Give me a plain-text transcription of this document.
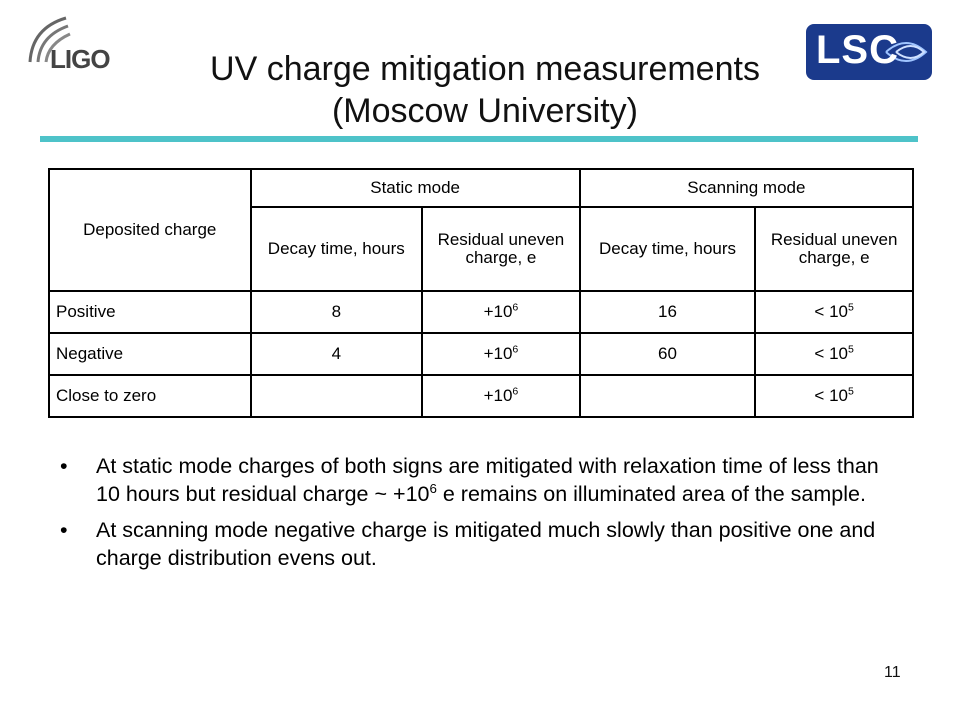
LIGO	LSC
UV charge mitigation measurements
(Moscow University)
Deposited charge	Static mode		Scanning mode	
	Decay time, hours	Residual uneven charge, e	Decay time, hours	Residual uneven charge, e
Positive	8	$+10^6$	16	< $10^5$
Negative	4	$+10^6$	60	< $10^5$
Close to zero		$+10^6$		< $10^5$
• At static mode charges of both signs are mitigated with relaxation time of less than 10 hours but residual charge ~ $+10^6$ e remains on illuminated area of the sample.
• At scanning mode negative charge is mitigated much slowly than positive one and charge distribution evens out.
11
